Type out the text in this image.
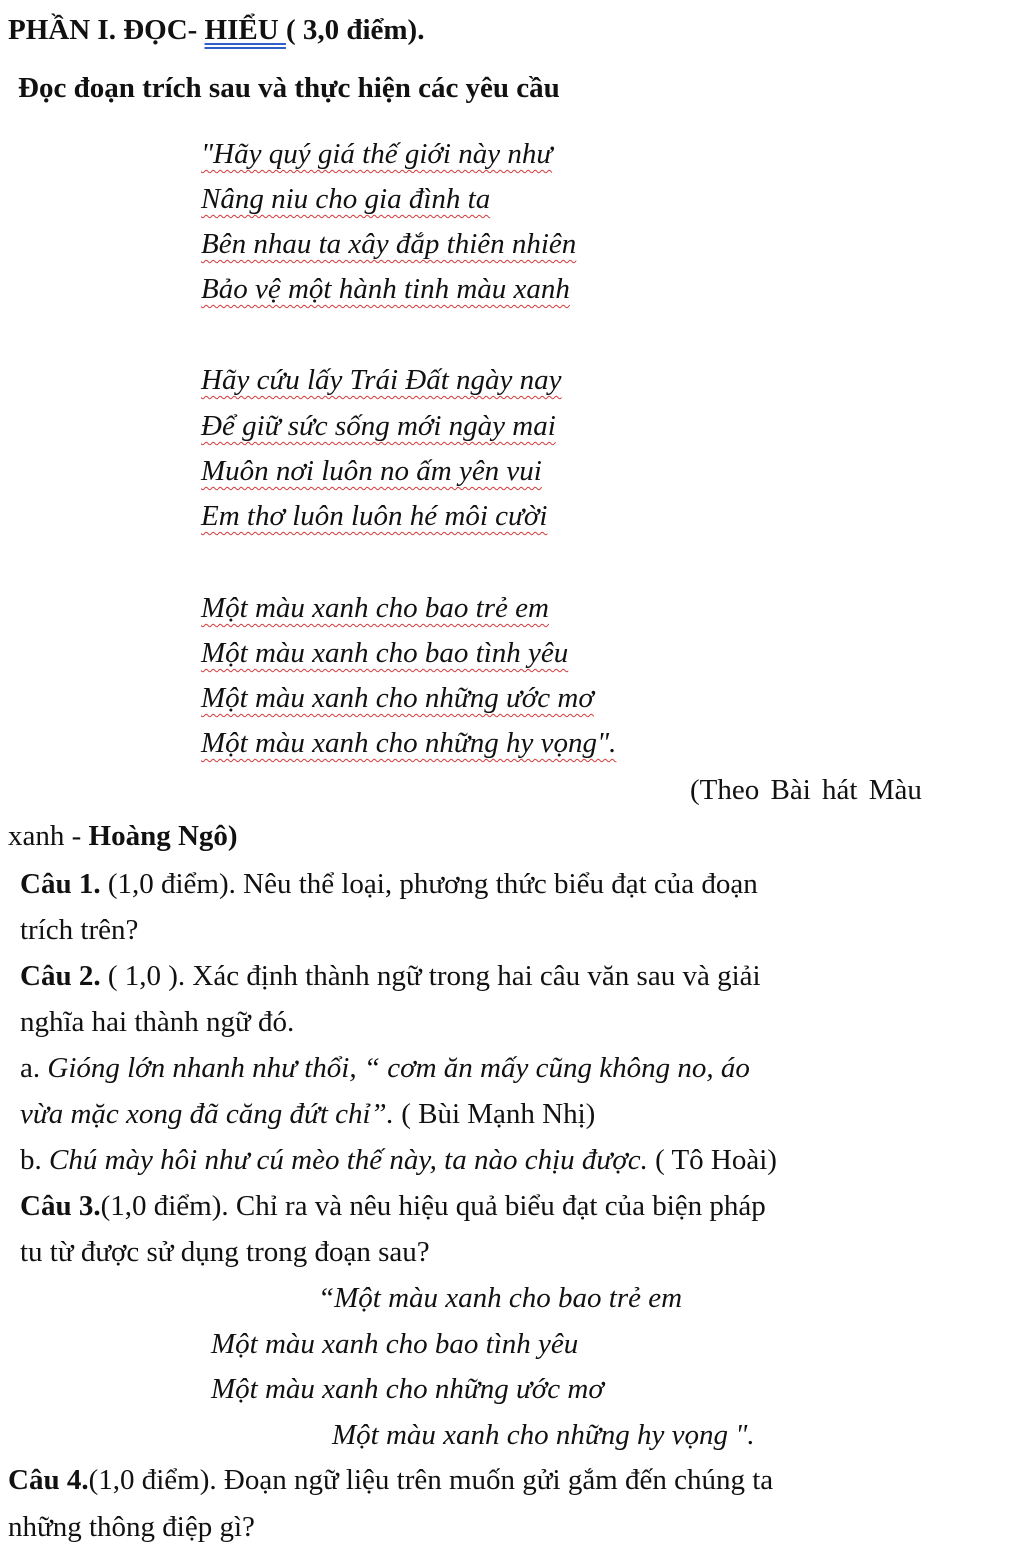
PHẦN I. ĐỌC- HIỂU ( 3,0 điểm).
Đọc đoạn trích sau và thực hiện các yêu cầu
"Hãy quý giá thế giới này như
Nâng niu cho gia đình ta
Bên nhau ta xây đắp thiên nhiên
Bảo vệ một hành tinh màu xanh
Hãy cứu lấy Trái Đất ngày nay
Để giữ sức sống mới ngày mai
Muôn nơi luôn no ấm yên vui
Em thơ luôn luôn hé môi cười
Một màu xanh cho bao trẻ em
Một màu xanh cho bao tình yêu
Một màu xanh cho những ước mơ
Một màu xanh cho những hy vọng".
(Theo Bài hát Màu
xanh - Hoàng Ngô)
Câu 1. (1,0 điểm). Nêu thể loại, phương thức biểu đạt của đoạn
trích trên?
Câu 2. ( 1,0 ). Xác định thành ngữ trong hai câu văn sau và giải
nghĩa hai thành ngữ đó.
a. Gióng lớn nhanh như thổi, “ cơm ăn mấy cũng không no, áo
vừa mặc xong đã căng đứt chỉ”. ( Bùi Mạnh Nhị)
b. Chú mày hôi như cú mèo thế này, ta nào chịu được. ( Tô Hoài)
Câu 3.(1,0 điểm). Chỉ ra và nêu hiệu quả biểu đạt của biện pháp
tu từ được sử dụng trong đoạn sau?
“Một màu xanh cho bao trẻ em
Một màu xanh cho bao tình yêu
Một màu xanh cho những ước mơ
Một màu xanh cho những hy vọng ".
Câu 4.(1,0 điểm). Đoạn ngữ liệu trên muốn gửi gắm đến chúng ta
những thông điệp gì?
